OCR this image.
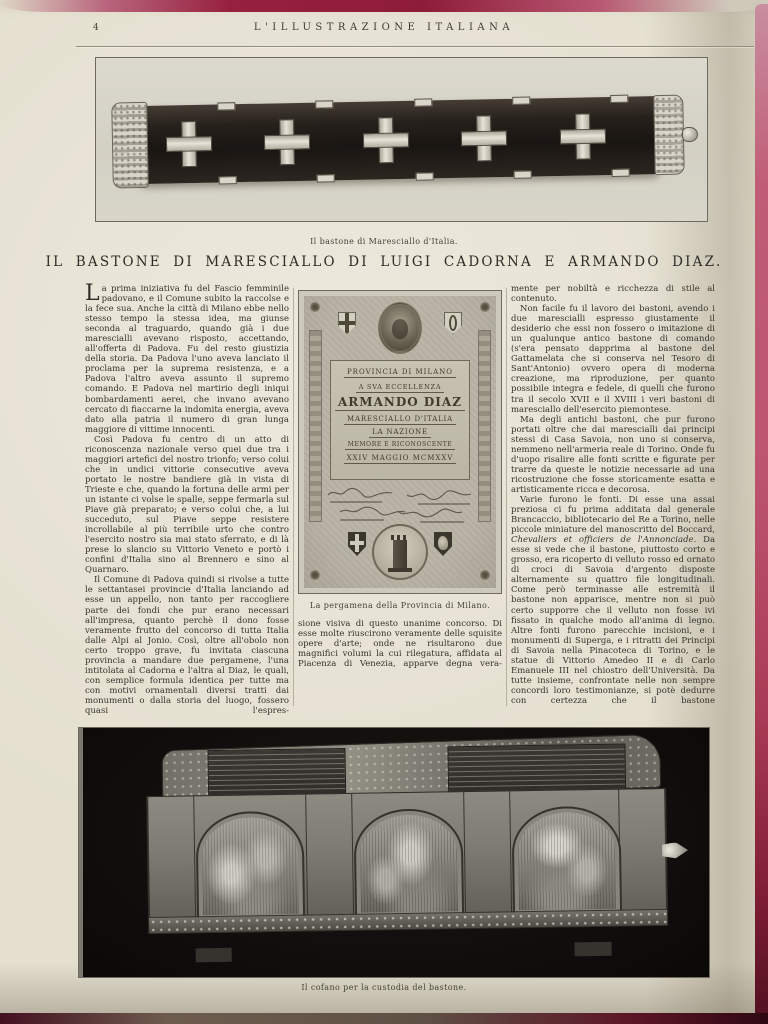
4	L'ILLUSTRAZIONE ITALIANA
Il bastone di Maresciallo d'Italia.
IL BASTONE DI MARESCIALLO DI LUIGI CADORNA E ARMANDO DIAZ.

La prima iniziativa fu del Fascio femminile padovano, e il Comune subito la raccolse e la fece sua. Anche la città di Milano ebbe nello stesso tempo la stessa idea, ma giunse seconda al traguardo, quando già i due marescialli avevano risposto, accettando, all'offerta di Padova. Fu del resto giustizia della storia. Da Padova l'uno aveva lanciato il proclama per la suprema resistenza, e a Padova l'altro aveva assunto il supremo comando. E Padova nel martirio degli iniqui bombardamenti aerei, che invano avevano cercato di fiaccarne la indomita energia, aveva dato alla patria il numero di gran lunga maggiore di vittime innocenti.

Così Padova fu centro di un atto di riconoscenza nazionale verso quei due tra i maggiori artefici del nostro trionfo; verso colui che in undici vittorie consecutive aveva portato le nostre bandiere già in vista di Trieste e che, quando la fortuna delle armi per un istante ci volse le spalle, seppe fermarla sul Piave già preparato; e verso colui che, a lui succeduto, sul Piave seppe resistere incrollabile al più terribile urto che contro l'esercito nostro sia mai stato sferrato, e di là prese lo slancio su Vittorio Veneto e portò i confini d'Italia sino al Brennero e sino al Quarnaro.

Il Comune di Padova quindi si rivolse a tutte le settantasei provincie d'Italia lanciando ad esse un appello, non tanto per raccogliere parte dei fondi che pur erano necessari all'impresa, quanto perchè il dono fosse veramente frutto del concorso di tutta Italia dalle Alpi al Jonio. Così, oltre all'obolo non certo troppo grave, fu invitata ciascuna provincia a mandare due pergamene, l'una intitolata al Cadorna e l'altra al Diaz, le quali, con semplice formula identica per tutte ma con motivi ornamentali diversi tratti dai monumenti o dalla storia del luogo, fossero quasi l'espres-

PROVINCIA DI MILANO
A SVA ECCELLENZA
ARMANDO DIAZ
MARESCIALLO D'ITALIA
LA NAZIONE
MEMORE E RICONOSCENTE
XXIV MAGGIO MCMXXV
La pergamena della Provincia di Milano.

sione visiva di questo unanime concorso. Di esse molte riuscirono veramente delle squisite opere d'arte; onde ne risultarono due magnifici volumi la cui rilegatura, affidata al Piacenza di Venezia, apparve degna vera-

mente per nobiltà e ricchezza di stile al contenuto.

Non facile fu il lavoro dei bastoni, avendo i due marescialli espresso giustamente il desiderio che essi non fossero o imitazione di un qualunque antico bastone di comando (s'era pensato dapprima al bastone del Gattamelata che si conserva nel Tesoro di Sant'Antonio) ovvero opera di moderna creazione, ma riproduzione, per quanto possibile integra e fedele, di quelli che furono tra il secolo XVII e il XVIII i veri bastoni di maresciallo dell'esercito piemontese.

Ma degli antichi bastoni, che pur furono portati oltre che dai marescialli dai principi stessi di Casa Savoia, non uno si conserva, nemmeno nell'armeria reale di Torino. Onde fu d'uopo risalire alle fonti scritte e figurate per trarre da queste le notizie necessarie ad una ricostruzione che fosse storicamente esatta e artisticamente ricca e decorosa.

Varie furono le fonti. Di esse una assai preziosa ci fu prima additata dal generale Brancaccio, bibliotecario del Re a Torino, nelle piccole miniature del manoscritto del Boccard, Chevaliers et officiers de l'Annonciade. Da esse si vede che il bastone, piuttosto corto e grosso, era ricoperto di velluto rosso ed ornato di croci di Savoia d'argento disposte alternamente su quattro file longitudinali. Come però terminasse alle estremità il bastone non apparisce, mentre non si può certo supporre che il velluto non fosse ivi fissato in qualche modo all'anima di legno. Altre fonti furono parecchie incisioni, e i monumenti di Superga, e i ritratti dei Principi di Savoia nella Pinacoteca di Torino, e le statue di Vittorio Amedeo II e di Carlo Emanuele III nel chiostro dell'Università. Da tutte insieme, confrontate nelle non sempre concordi loro testimonianze, si potè dedurre con certezza che il bastone

Il cofano per la custodia del bastone.
